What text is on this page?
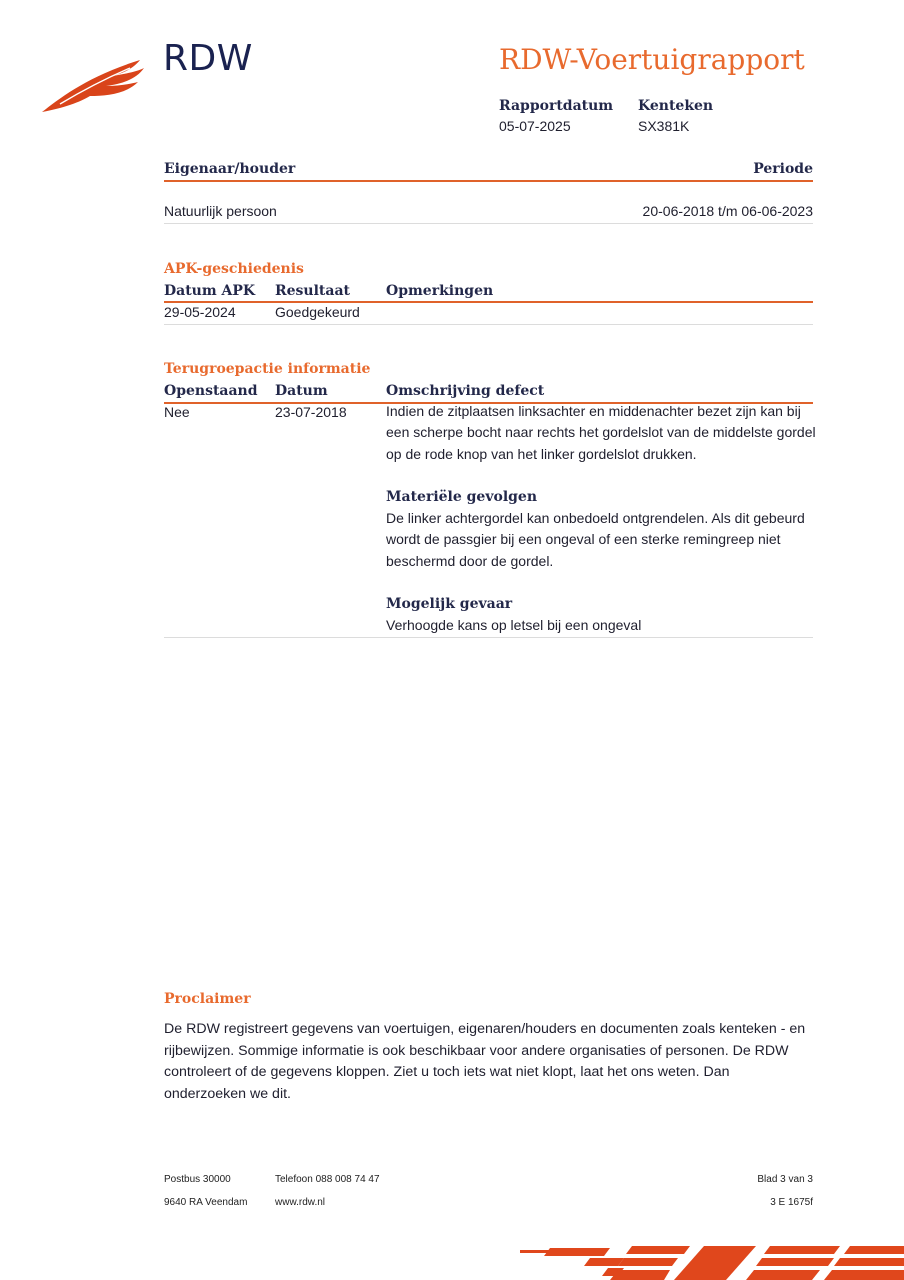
RDW	RDW-Voertuigrapport
Rapportdatum
05-07-2025
Kenteken
SX381K
Eigenaar/houder	Periode
Natuurlijk persoon	20-06-2018 t/m 06-06-2023
APK-geschiedenis
Datum APK Resultaat	Opmerkingen
29-05-2024	Goedgekeurd
Terugroepactie informatie
Openstaand Datum	Omschrijving defect
Nee	23-07-2018	Indien de zitplaatsen linksachter en middenachter bezet zijn kan bij een scherpe bocht naar rechts het gordelslot van de middelste gordel op de rode knop van het linker gordelslot drukken.
Materiële gevolgen
De linker achtergordel kan onbedoeld ontgrendelen. Als dit gebeurd wordt de passgier bij een ongeval of een sterke remingreep niet beschermd door de gordel.
Mogelijk gevaar
Verhoogde kans op letsel bij een ongeval
Proclaimer
De RDW registreert gegevens van voertuigen, eigenaren/houders en documenten zoals kenteken - en rijbewijzen. Sommige informatie is ook beschikbaar voor andere organisaties of personen. De RDW controleert of de gegevens kloppen. Ziet u toch iets wat niet klopt, laat het ons weten. Dan onderzoeken we dit.
Postbus 30000
9640 RA Veendam
Telefoon 088 008 74 47
www.rdw.nl
Blad 3 van 3
3 E 1675f
